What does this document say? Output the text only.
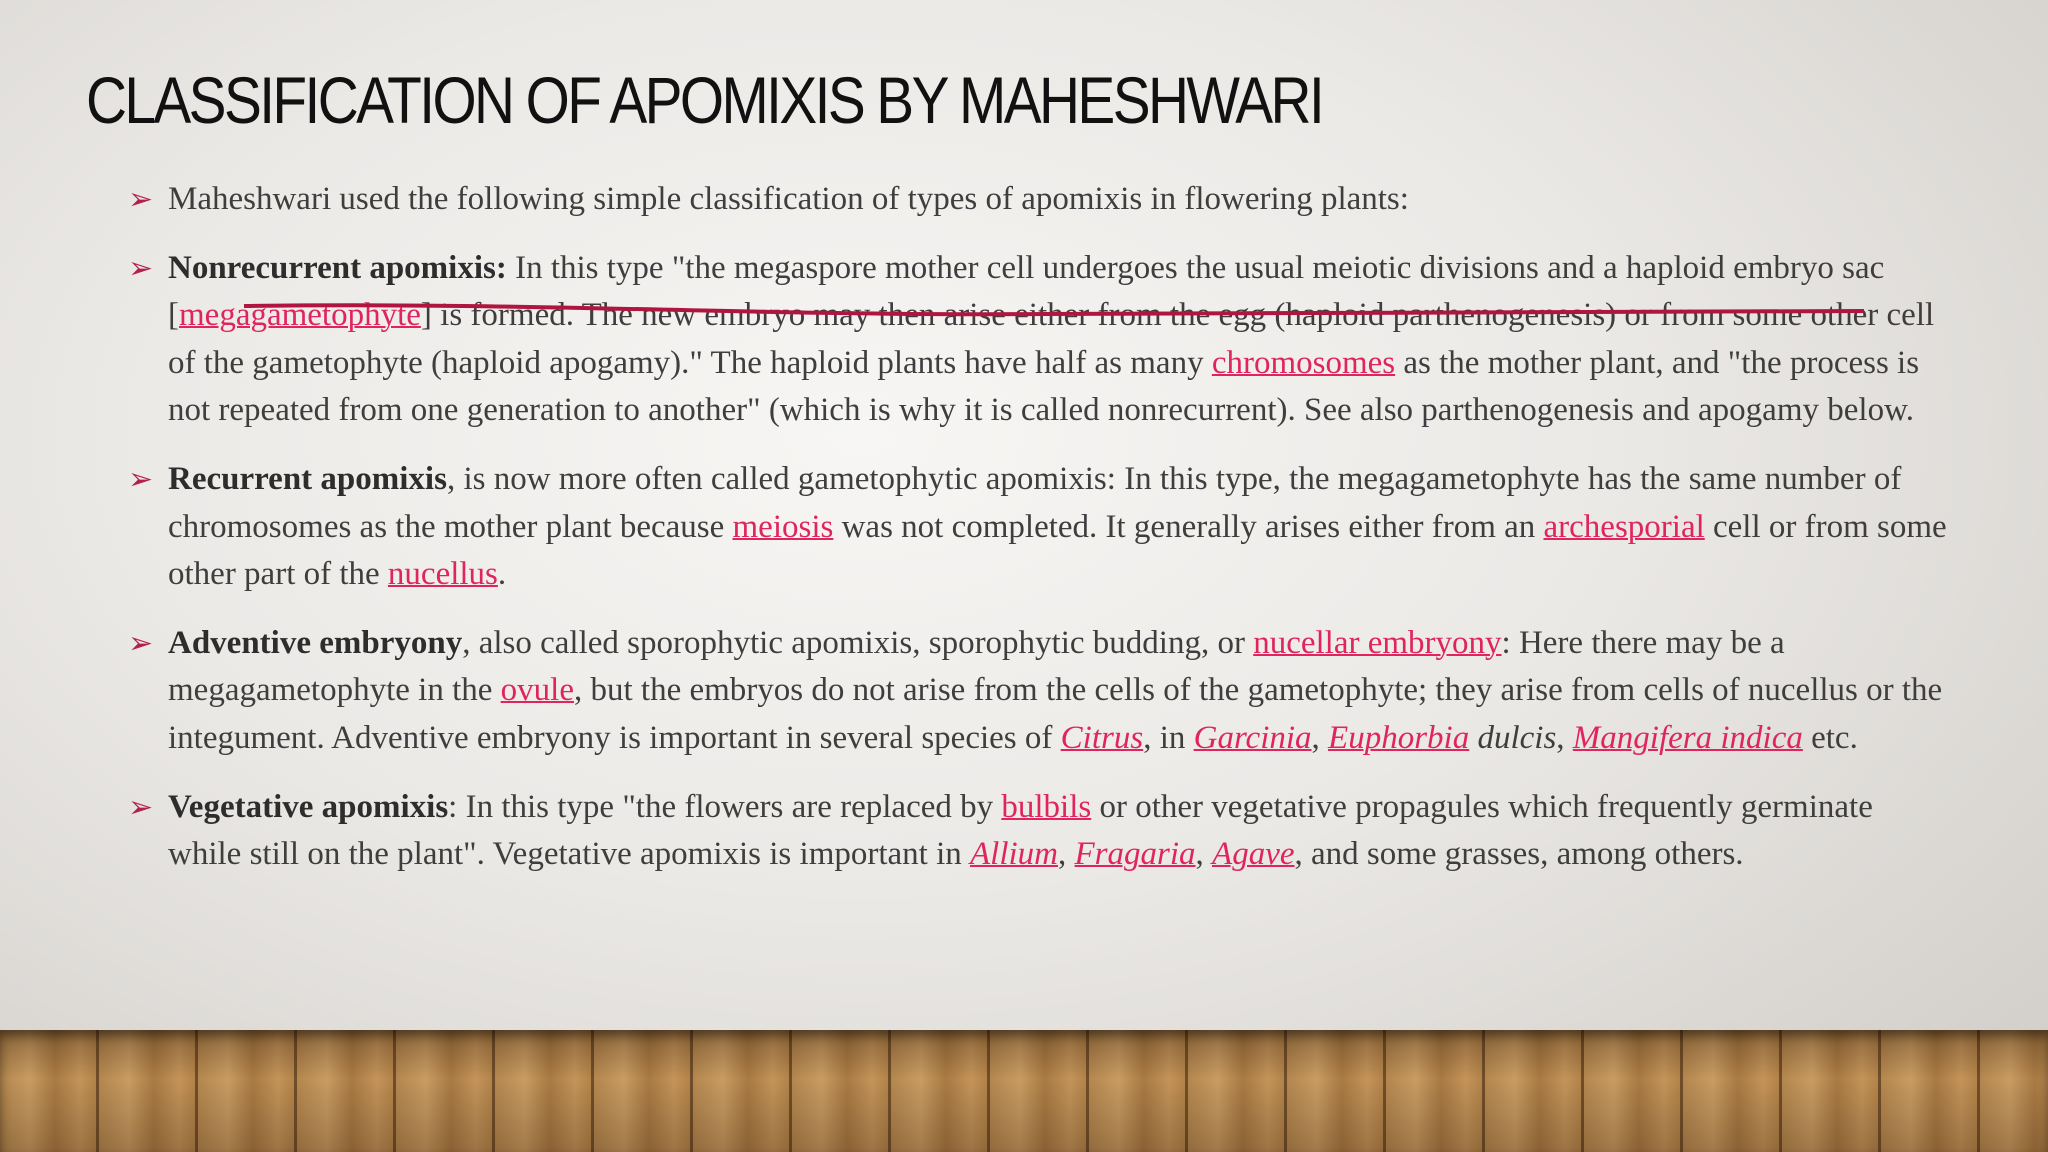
CLASSIFICATION OF APOMIXIS BY MAHESHWARI
➢ Maheshwari used the following simple classification of types of apomixis in flowering plants:
➢ Nonrecurrent apomixis: In this type "the megaspore mother cell undergoes the usual meiotic divisions and a haploid embryo sac [megagametophyte] is formed. The new embryo may then arise either from the egg (haploid parthenogenesis) or from some other cell of the gametophyte (haploid apogamy)." The haploid plants have half as many chromosomes as the mother plant, and "the process is not repeated from one generation to another" (which is why it is called nonrecurrent). See also parthenogenesis and apogamy below.
➢ Recurrent apomixis, is now more often called gametophytic apomixis: In this type, the megagametophyte has the same number of chromosomes as the mother plant because meiosis was not completed. It generally arises either from an archesporial cell or from some other part of the nucellus.
➢ Adventive embryony, also called sporophytic apomixis, sporophytic budding, or nucellar embryony: Here there may be a megagametophyte in the ovule, but the embryos do not arise from the cells of the gametophyte; they arise from cells of nucellus or the integument. Adventive embryony is important in several species of Citrus, in Garcinia, Euphorbia dulcis, Mangifera indica etc.
➢ Vegetative apomixis: In this type "the flowers are replaced by bulbils or other vegetative propagules which frequently germinate while still on the plant". Vegetative apomixis is important in Allium, Fragaria, Agave, and some grasses, among others.
